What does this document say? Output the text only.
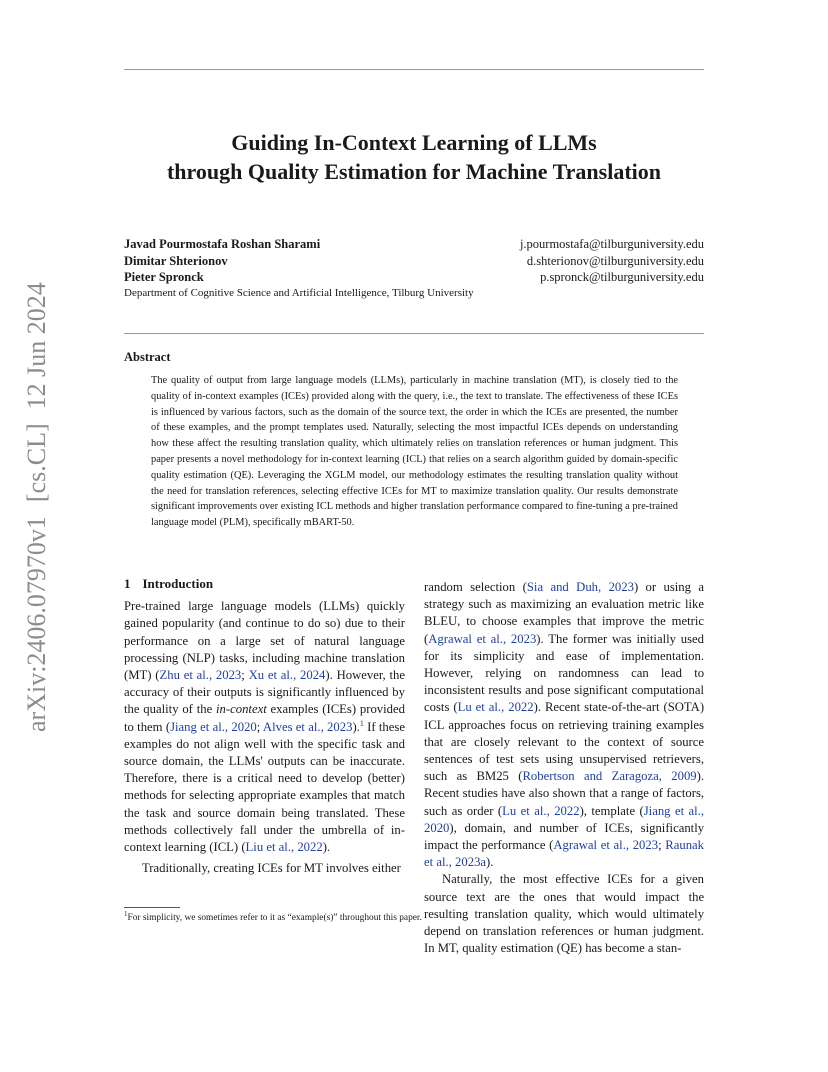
arXiv:2406.07970v1[cs.CL]12 Jun 2024
Guiding In-Context Learning of LLMs
through Quality Estimation for Machine Translation
Javad Pourmostafa Roshan Sharami	j.pourmostafa@tilburguniversity.edu
Dimitar Shterionov	d.shterionov@tilburguniversity.edu
Pieter Spronck	p.spronck@tilburguniversity.edu
Department of Cognitive Science and Artificial Intelligence, Tilburg University
Abstract
The quality of output from large language models (LLMs), particularly in machine translation (MT), is closely tied to the quality of in-context examples (ICEs) provided along with the query, i.e., the text to translate. The effectiveness of these ICEs is influenced by various factors, such as the domain of the source text, the order in which the ICEs are presented, the number of these examples, and the prompt templates used. Naturally, selecting the most impactful ICEs depends on understanding how these affect the resulting translation quality, which ultimately relies on translation references or human judgment. This paper presents a novel methodology for in-context learning (ICL) that relies on a search algorithm guided by domain-specific quality estimation (QE). Leveraging the XGLM model, our methodology estimates the resulting translation quality without the need for translation references, selecting effective ICEs for MT to maximize translation quality. Our results demonstrate significant improvements over existing ICL methods and higher translation performance compared to fine-tuning a pre-trained language model (PLM), specifically mBART-50.
1 Introduction

Pre-trained large language models (LLMs) quickly gained popularity (and continue to do so) due to their performance on a large set of natural language processing (NLP) tasks, including machine translation (MT) (Zhu et al., 2023; Xu et al., 2024). However, the accuracy of their outputs is significantly influenced by the quality of the in-context examples (ICEs) provided to them (Jiang et al., 2020; Alves et al., 2023).$^1$ If these examples do not align well with the specific task and source domain, the LLMs' outputs can be inaccurate. Therefore, there is a critical need to develop (better) methods for selecting appropriate examples that match the task and source domain being translated. These methods collectively fall under the umbrella of in-context learning (ICL) (Liu et al., 2022).

Traditionally, creating ICEs for MT involves either

random selection (Sia and Duh, 2023) or using a strategy such as maximizing an evaluation metric like BLEU, to choose examples that improve the metric (Agrawal et al., 2023). The former was initially used for its simplicity and ease of implementation. However, relying on randomness can lead to inconsistent results and pose significant computational costs (Lu et al., 2022). Recent state-of-the-art (SOTA) ICL approaches focus on retrieving training examples that are closely relevant to the context of source sentences of test sets using unsupervised retrievers, such as BM25 (Robertson and Zaragoza, 2009). Recent studies have also shown that a range of factors, such as order (Lu et al., 2022), template (Jiang et al., 2020), domain, and number of ICEs, significantly impact the performance (Agrawal et al., 2023; Raunak et al., 2023a).

Naturally, the most effective ICEs for a given source text are the ones that would impact the resulting translation quality, which would ultimately depend on translation references or human judgment. In MT, quality estimation (QE) has become a stan-

$^1$For simplicity, we sometimes refer to it as “example(s)” throughout this paper.
